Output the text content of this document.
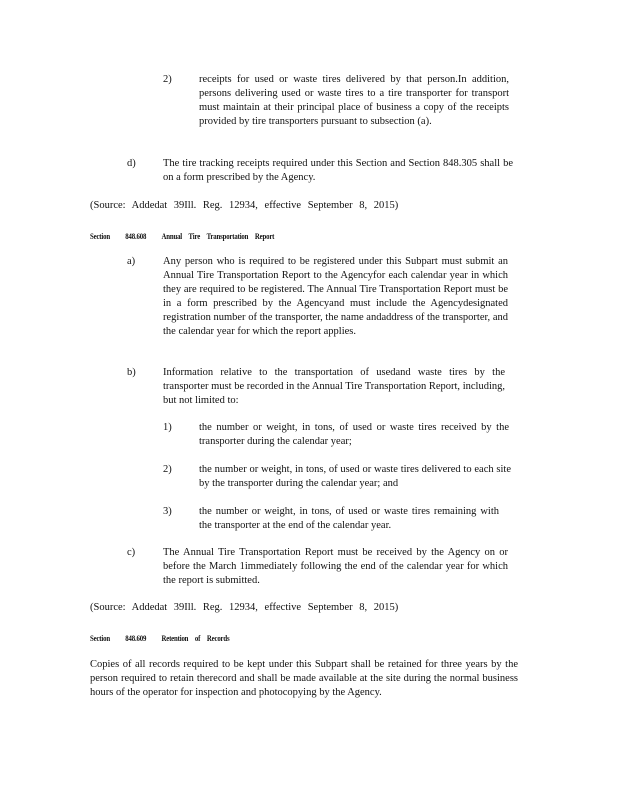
2)	receipts for used or waste tires delivered by that person.In addition, persons delivering used or waste tires to a tire transporter for transport must maintain at their principal place of business a copy of the receipts provided by tire transporters pursuant to subsection (a).
d)	The tire tracking receipts required under this Section and Section 848.305 shall be on a form prescribed by the Agency.
(Source: Addedat 39Ill. Reg. 12934, effective September 8, 2015)
Section 848.608 Annual Tire Transportation Report
a)	Any person who is required to be registered under this Subpart must submit an Annual Tire Transportation Report to the Agencyfor each calendar year in which they are required to be registered. The Annual Tire Transportation Report must be in a form prescribed by the Agencyand must include the Agencydesignated registration number of the transporter, the name andaddress of the transporter, and the calendar year for which the report applies.
b)	Information relative to the transportation of usedand waste tires by the transporter must be recorded in the Annual Tire Transportation Report, including, but not limited to:
1)	the number or weight, in tons, of used or waste tires received by the transporter during the calendar year;
2)	the number or weight, in tons, of used or waste tires delivered to each site by the transporter during the calendar year; and
3)	the number or weight, in tons, of used or waste tires remaining with the transporter at the end of the calendar year.
c)	The Annual Tire Transportation Report must be received by the Agency on or before the March 1immediately following the end of the calendar year for which the report is submitted.
(Source: Addedat 39Ill. Reg. 12934, effective September 8, 2015)
Section 848.609 Retention of Records
Copies of all records required to be kept under this Subpart shall be retained for three years by the person required to retain therecord and shall be made available at the site during the normal business hours of the operator for inspection and photocopying by the Agency.
